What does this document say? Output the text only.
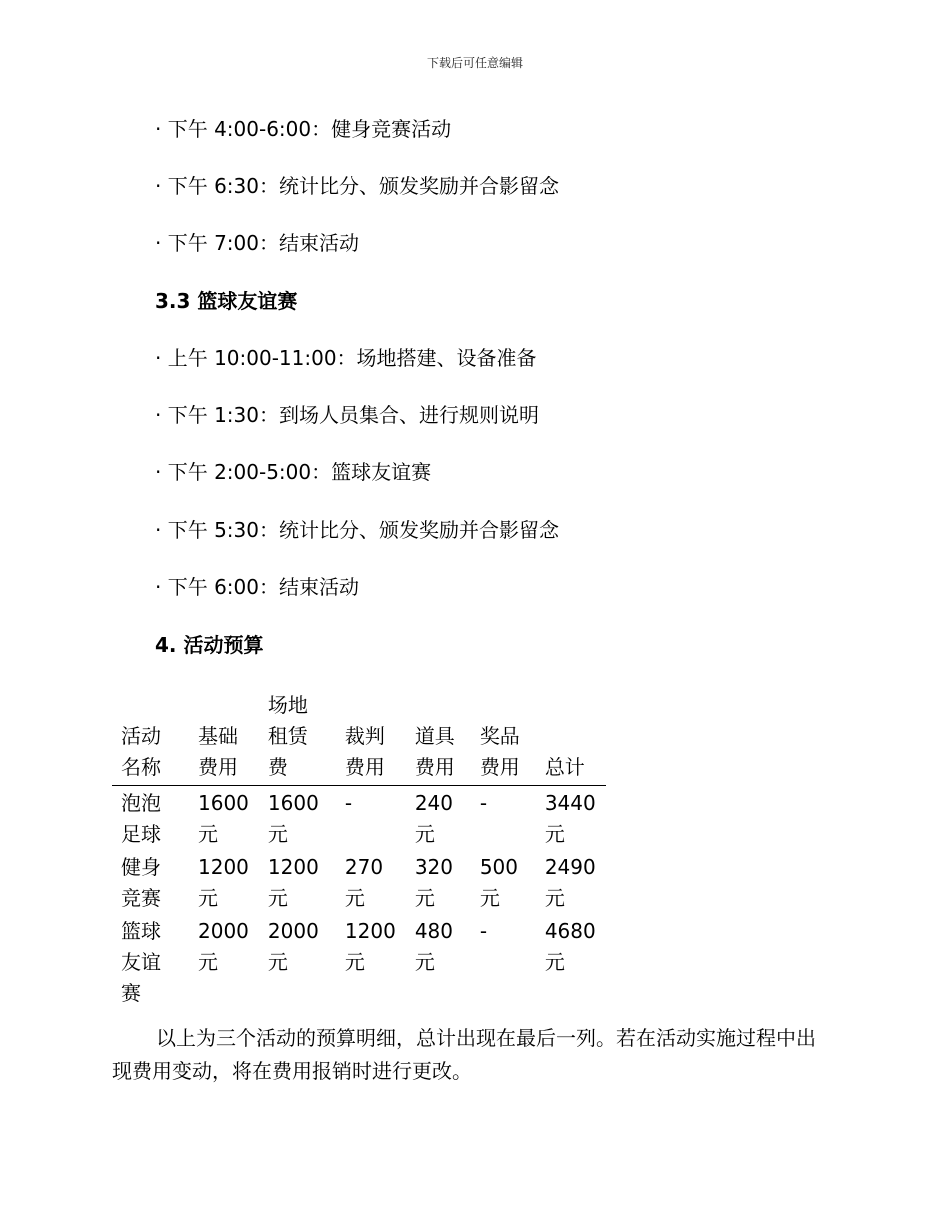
下载后可任意编辑
· 下午 4:00-6:00：健身竞赛活动
· 下午 6:30：统计比分、颁发奖励并合影留念
· 下午 7:00：结束活动
3.3 篮球友谊赛
· 上午 10:00-11:00：场地搭建、设备准备
· 下午 1:30：到场人员集合、进行规则说明
· 下午 2:00-5:00：篮球友谊赛
· 下午 5:30：统计比分、颁发奖励并合影留念
· 下午 6:00：结束活动
4. 活动预算
活动名称	基础费用	场地租赁费	裁判费用	道具费用	奖品费用	总计
泡泡足球	1600元	1600元	-	240元	-	3440元
健身竞赛	1200元	1200元	270元	320元	500元	2490元
篮球友谊赛	2000元	2000元	1200元	480元	-	4680元

以上为三个活动的预算明细，总计出现在最后一列。若在活动实施过程中出现费用变动，将在费用报销时进行更改。
